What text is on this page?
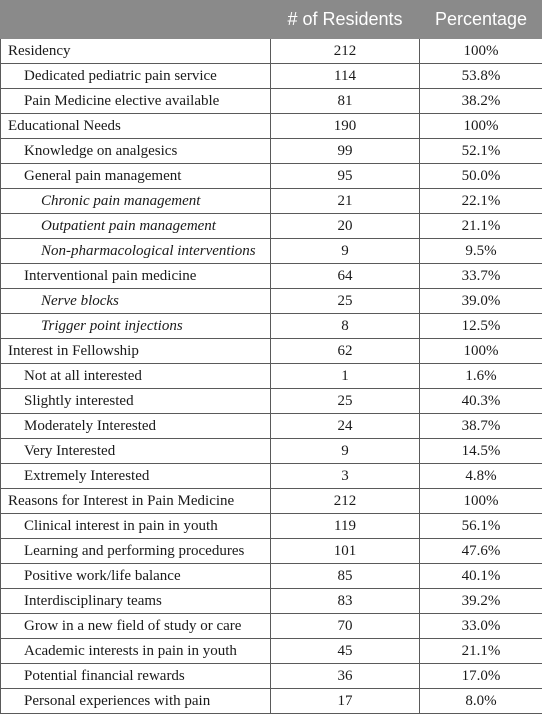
	# of Residents	Percentage
Residency	212	100%
Dedicated pediatric pain service	114	53.8%
Pain Medicine elective available	81	38.2%
Educational Needs	190	100%
Knowledge on analgesics	99	52.1%
General pain management	95	50.0%
Chronic pain management	21	22.1%
Outpatient pain management	20	21.1%
Non-pharmacological interventions	9	9.5%
Interventional pain medicine	64	33.7%
Nerve blocks	25	39.0%
Trigger point injections	8	12.5%
Interest in Fellowship	62	100%
Not at all interested	1	1.6%
Slightly interested	25	40.3%
Moderately Interested	24	38.7%
Very Interested	9	14.5%
Extremely Interested	3	4.8%
Reasons for Interest in Pain Medicine	212	100%
Clinical interest in pain in youth	119	56.1%
Learning and performing procedures	101	47.6%
Positive work/life balance	85	40.1%
Interdisciplinary teams	83	39.2%
Grow in a new field of study or care	70	33.0%
Academic interests in pain in youth	45	21.1%
Potential financial rewards	36	17.0%
Personal experiences with pain	17	8.0%
